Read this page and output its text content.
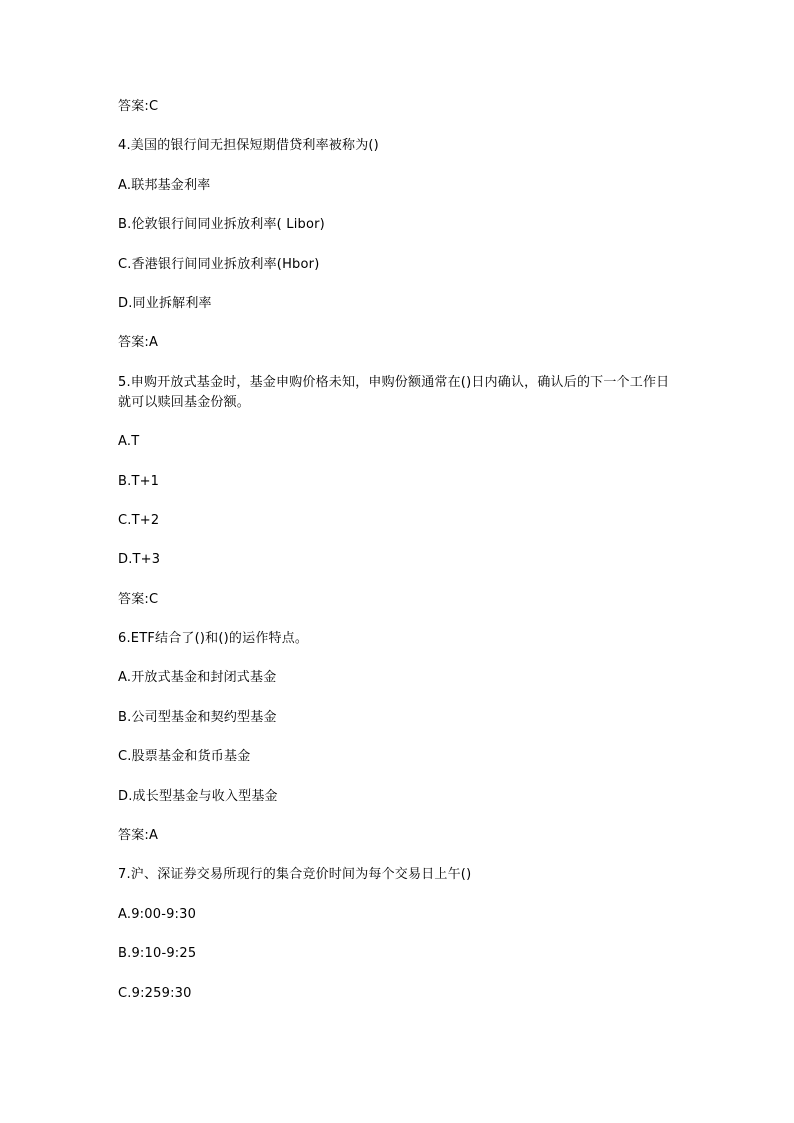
答案:C

4.美国的银行间无担保短期借贷利率被称为()

A.联邦基金利率

B.伦敦银行间同业拆放利率( Libor)

C.香港银行间同业拆放利率(Hbor)

D.同业拆解利率

答案:A

5.申购开放式基金时，基金申购价格未知，申购份额通常在()日内确认，确认后的下一个工作日就可以赎回基金份额。

A.T

B.T+1

C.T+2

D.T+3

答案:C

6.ETF结合了()和()的运作特点。

A.开放式基金和封闭式基金

B.公司型基金和契约型基金

C.股票基金和货币基金

D.成长型基金与收入型基金

答案:A

7.沪、深证券交易所现行的集合竞价时间为每个交易日上午()

A.9:00-9:30

B.9:10-9:25

C.9:259:30
